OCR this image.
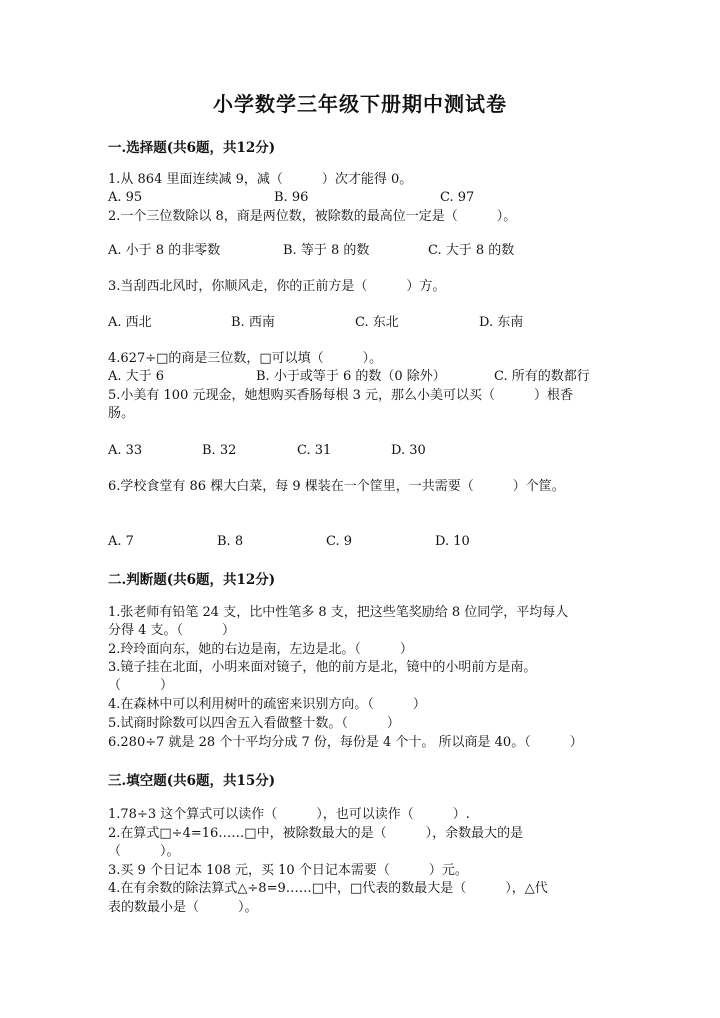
小学数学三年级下册期中测试卷
一.选择题(共6题，共12分)
1.从 864 里面连续减 9，减（　　　）次才能得 0。
A. 95	B. 96	C. 97
2.一个三位数除以 8，商是两位数，被除数的最高位一定是（　　　）。
A. 小于 8 的非零数	B. 等于 8 的数	C. 大于 8 的数
3.当刮西北风时，你顺风走，你的正前方是（　　　）方。
A. 西北	B. 西南	C. 东北	D. 东南
4.627÷□的商是三位数，□可以填（　　　）。
A. 大于 6	B. 小于或等于 6 的数（0 除外）	C. 所有的数都行
5.小美有 100 元现金，她想购买香肠每根 3 元，那么小美可以买（　　　）根香
肠。
A. 33	B. 32	C. 31	D. 30
6.学校食堂有 86 棵大白菜，每 9 棵装在一个筐里，一共需要（　　　）个筐。
A. 7	B. 8	C. 9	D. 10
二.判断题(共6题，共12分)
1.张老师有铅笔 24 支，比中性笔多 8 支，把这些笔奖励给 8 位同学，平均每人
分得 4 支。（　　　）
2.玲玲面向东，她的右边是南，左边是北。（　　　）
3.镜子挂在北面，小明来面对镜子，他的前方是北，镜中的小明前方是南。
（　　　）
4.在森林中可以利用树叶的疏密来识别方向。（　　　）
5.试商时除数可以四舍五入看做整十数。（　　　）
6.280÷7 就是 28 个十平均分成 7 份，每份是 4 个十。 所以商是 40。（　　　）
三.填空题(共6题，共15分)
1.78÷3 这个算式可以读作（　　　），也可以读作（　　　）.
2.在算式□÷4=16……□中，被除数最大的是（　　　），余数最大的是
（　　　）。
3.买 9 个日记本 108 元，买 10 个日记本需要（　　　）元。
4.在有余数的除法算式△÷8=9……□中，□代表的数最大是（　　　），△代
表的数最小是（　　　）。
